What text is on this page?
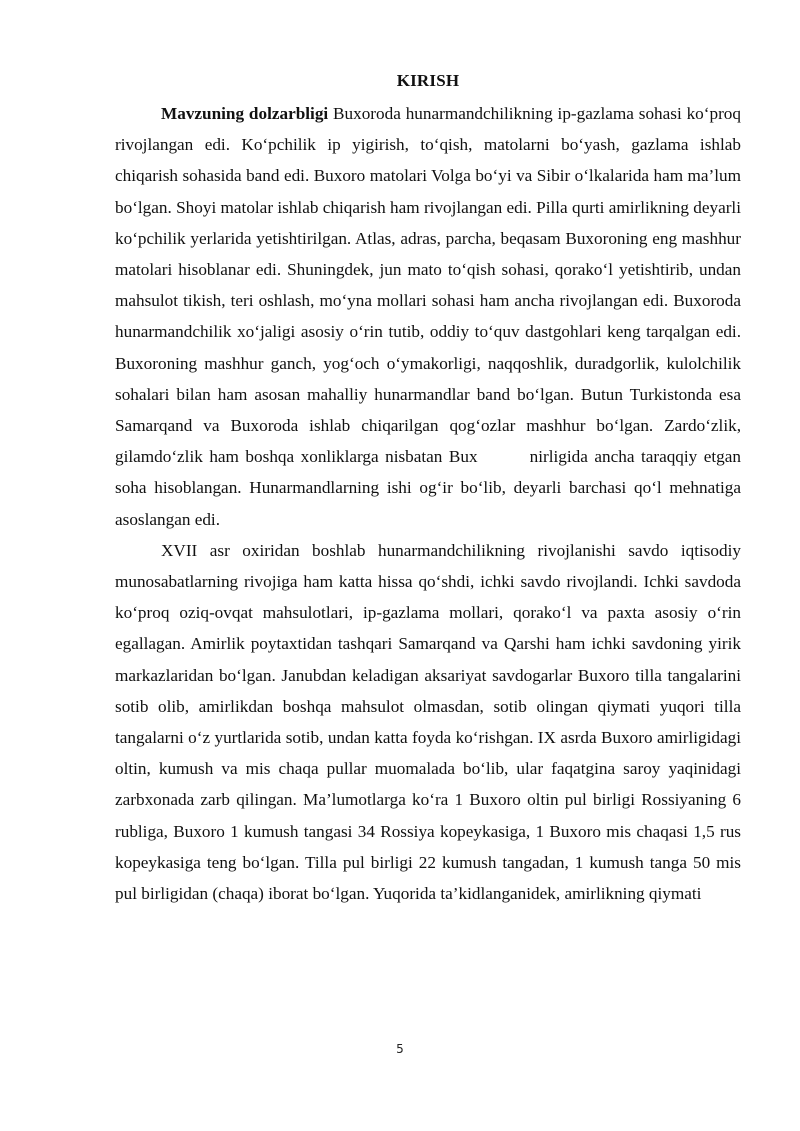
KIRISH

Mavzuning dolzarbligi Buxoroda hunarmandchilikning ip-gazlama sohasi ko‘proq rivojlangan edi. Ko‘pchilik ip yigirish, to‘qish, matolarni bo‘yash, gazlama ishlab chiqarish sohasida band edi. Buxoro matolari Volga bo‘yi va Sibir o‘lkalarida ham ma’lum bo‘lgan. Shoyi matolar ishlab chiqarish ham rivojlangan edi. Pilla qurti amirlikning deyarli ko‘pchilik yerlarida yetishtirilgan. Atlas, adras, parcha, beqasam Buxoroning eng mashhur matolari hisoblanar edi. Shuningdek, jun mato to‘qish sohasi, qorako‘l yetishtirib, undan mahsulot tikish, teri oshlash, mo‘yna mollari sohasi ham ancha rivojlangan edi. Buxoroda hunarmandchilik xo‘jaligi asosiy o‘rin tutib, oddiy to‘quv dastgohlari keng tarqalgan edi. Buxoroning mashhur ganch, yog‘och o‘ymakorligi, naqqoshlik, duradgorlik, kulolchilik sohalari bilan ham asosan mahalliy hunarmandlar band bo‘lgan. Butun Turkistonda esa Samarqand va Buxoroda ishlab chiqarilgan qog‘ozlar mashhur bo‘lgan. Zardo‘zlik, gilamdo‘zlik ham boshqa xonliklarga nisbatan Bux        nirligida ancha taraqqiy etgan soha hisoblangan. Hunarmandlarning ishi og‘ir bo‘lib, deyarli barchasi qo‘l mehnatiga asoslangan edi.

XVII asr oxiridan boshlab hunarmandchilikning rivojlanishi savdo iqtisodiy munosabatlarning rivojiga ham katta hissa qo‘shdi, ichki savdo rivojlandi. Ichki savdoda ko‘proq oziq-ovqat mahsulotlari, ip-gazlama mollari, qorako‘l va paxta asosiy o‘rin egallagan. Amirlik poytaxtidan tashqari Samarqand va Qarshi ham ichki savdoning yirik markazlaridan bo‘lgan. Janubdan keladigan aksariyat savdogarlar Buxoro tilla tangalarini sotib olib, amirlikdan boshqa mahsulot olmasdan, sotib olingan qiymati yuqori tilla tangalarni o‘z yurtlarida sotib, undan katta foyda ko‘rishgan. IX asrda Buxoro amirligidagi oltin, kumush va mis chaqa pullar muomalada bo‘lib, ular faqatgina saroy yaqinidagi zarbxonada zarb qilingan. Ma’lumotlarga ko‘ra 1 Buxoro oltin pul birligi Rossiyaning 6 rubliga, Buxoro 1 kumush tangasi 34 Rossiya kopeykasiga, 1 Buxoro mis chaqasi 1,5 rus kopeykasiga teng bo‘lgan. Tilla pul birligi 22 kumush tangadan, 1 kumush tanga 50 mis pul birligidan (chaqa) iborat bo‘lgan. Yuqorida ta’kidlanganidek, amirlikning qiymati

5
